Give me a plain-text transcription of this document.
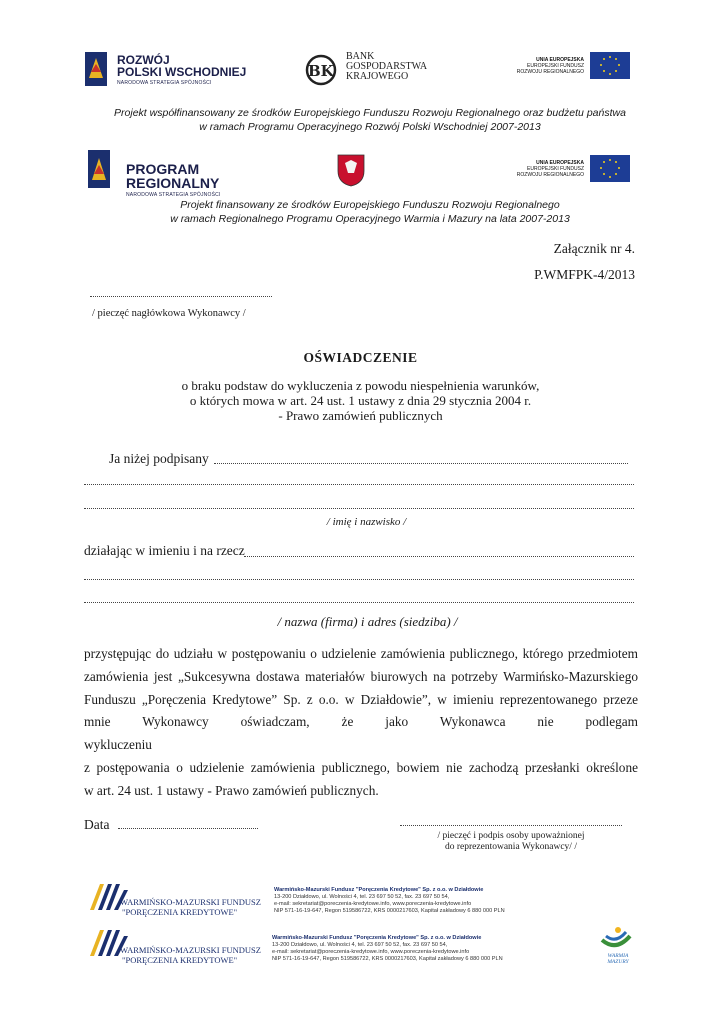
ROZWÓJ
POLSKI WSCHODNIEJ
NARODOWA STRATEGIA SPÓJNOŚCI
BK
BANK
GOSPODARSTWA
KRAJOWEGO
UNIA EUROPEJSKA
EUROPEJSKI FUNDUSZ
ROZWOJU REGIONALNEGO
Projekt współfinansowany ze środków Europejskiego Funduszu Rozwoju Regionalnego oraz budżetu państwa
w ramach Programu Operacyjnego Rozwój Polski Wschodniej 2007-2013
PROGRAM REGIONALNY
NARODOWA STRATEGIA SPÓJNOŚCI
UNIA EUROPEJSKA
EUROPEJSKI FUNDUSZ
ROZWOJU REGIONALNEGO
Projekt finansowany ze środków Europejskiego Funduszu Rozwoju Regionalnego
w ramach Regionalnego Programu Operacyjnego Warmia i Mazury na lata 2007-2013
Załącznik nr 4.
P.WMFPK-4/2013
/ pieczęć nagłówkowa Wykonawcy /
OŚWIADCZENIE
o braku podstaw do wykluczenia z powodu niespełnienia warunków,
o których mowa w art. 24 ust. 1 ustawy z dnia 29 stycznia 2004 r.
- Prawo zamówień publicznych
Ja niżej podpisany
/ imię i nazwisko /
działając w imieniu i na rzecz
/ nazwa (firma) i adres (siedziba) /
przystępując do udziału w postępowaniu o udzielenie zamówienia publicznego, którego przedmiotem
zamówienia jest „Sukcesywna dostawa materiałów biurowych na potrzeby Warmińsko-Mazurskiego
Funduszu „Poręczenia Kredytowe” Sp. z o.o. w Działdowie”, w imieniu reprezentowanego przeze
mnie Wykonawcy oświadczam, że jako Wykonawca nie podlegam wykluczeniu
z postępowania o udzielenie zamówienia publicznego, bowiem nie zachodzą przesłanki określone
w art. 24 ust. 1 ustawy - Prawo zamówień publicznych.
Data
/ pieczęć i podpis osoby upoważnionej
do reprezentowania Wykonawcy/ /
WARMIŃSKO-MAZURSKI FUNDUSZ
"PORĘCZENIA KREDYTOWE"
Warmińsko-Mazurski Fundusz "Poręczenia Kredytowe" Sp. z o.o. w Działdowie
13-200 Działdowo, ul. Wolności 4, tel. 23 697 50 52, fax. 23 697 50 54,
e-mail: sekretariat@poreczenia-kredytowe.info, www.poreczenia-kredytowe.info
NIP 571-16-19-647, Regon 519586722, KRS 0000217603, Kapitał zakładowy 6 880 000 PLN
WARMIŃSKO-MAZURSKI FUNDUSZ
"PORĘCZENIA KREDYTOWE"
Warmińsko-Mazurski Fundusz "Poręczenia Kredytowe" Sp. z o.o. w Działdowie
13-200 Działdowo, ul. Wolności 4, tel. 23 697 50 52, fax. 23 697 50 54,
e-mail: sekretariat@poreczenia-kredytowe.info, www.poreczenia-kredytowe.info
NIP 571-16-19-647, Regon 519586722, KRS 0000217603, Kapitał zakładowy 6 880 000 PLN	WARMIA MAZURY
